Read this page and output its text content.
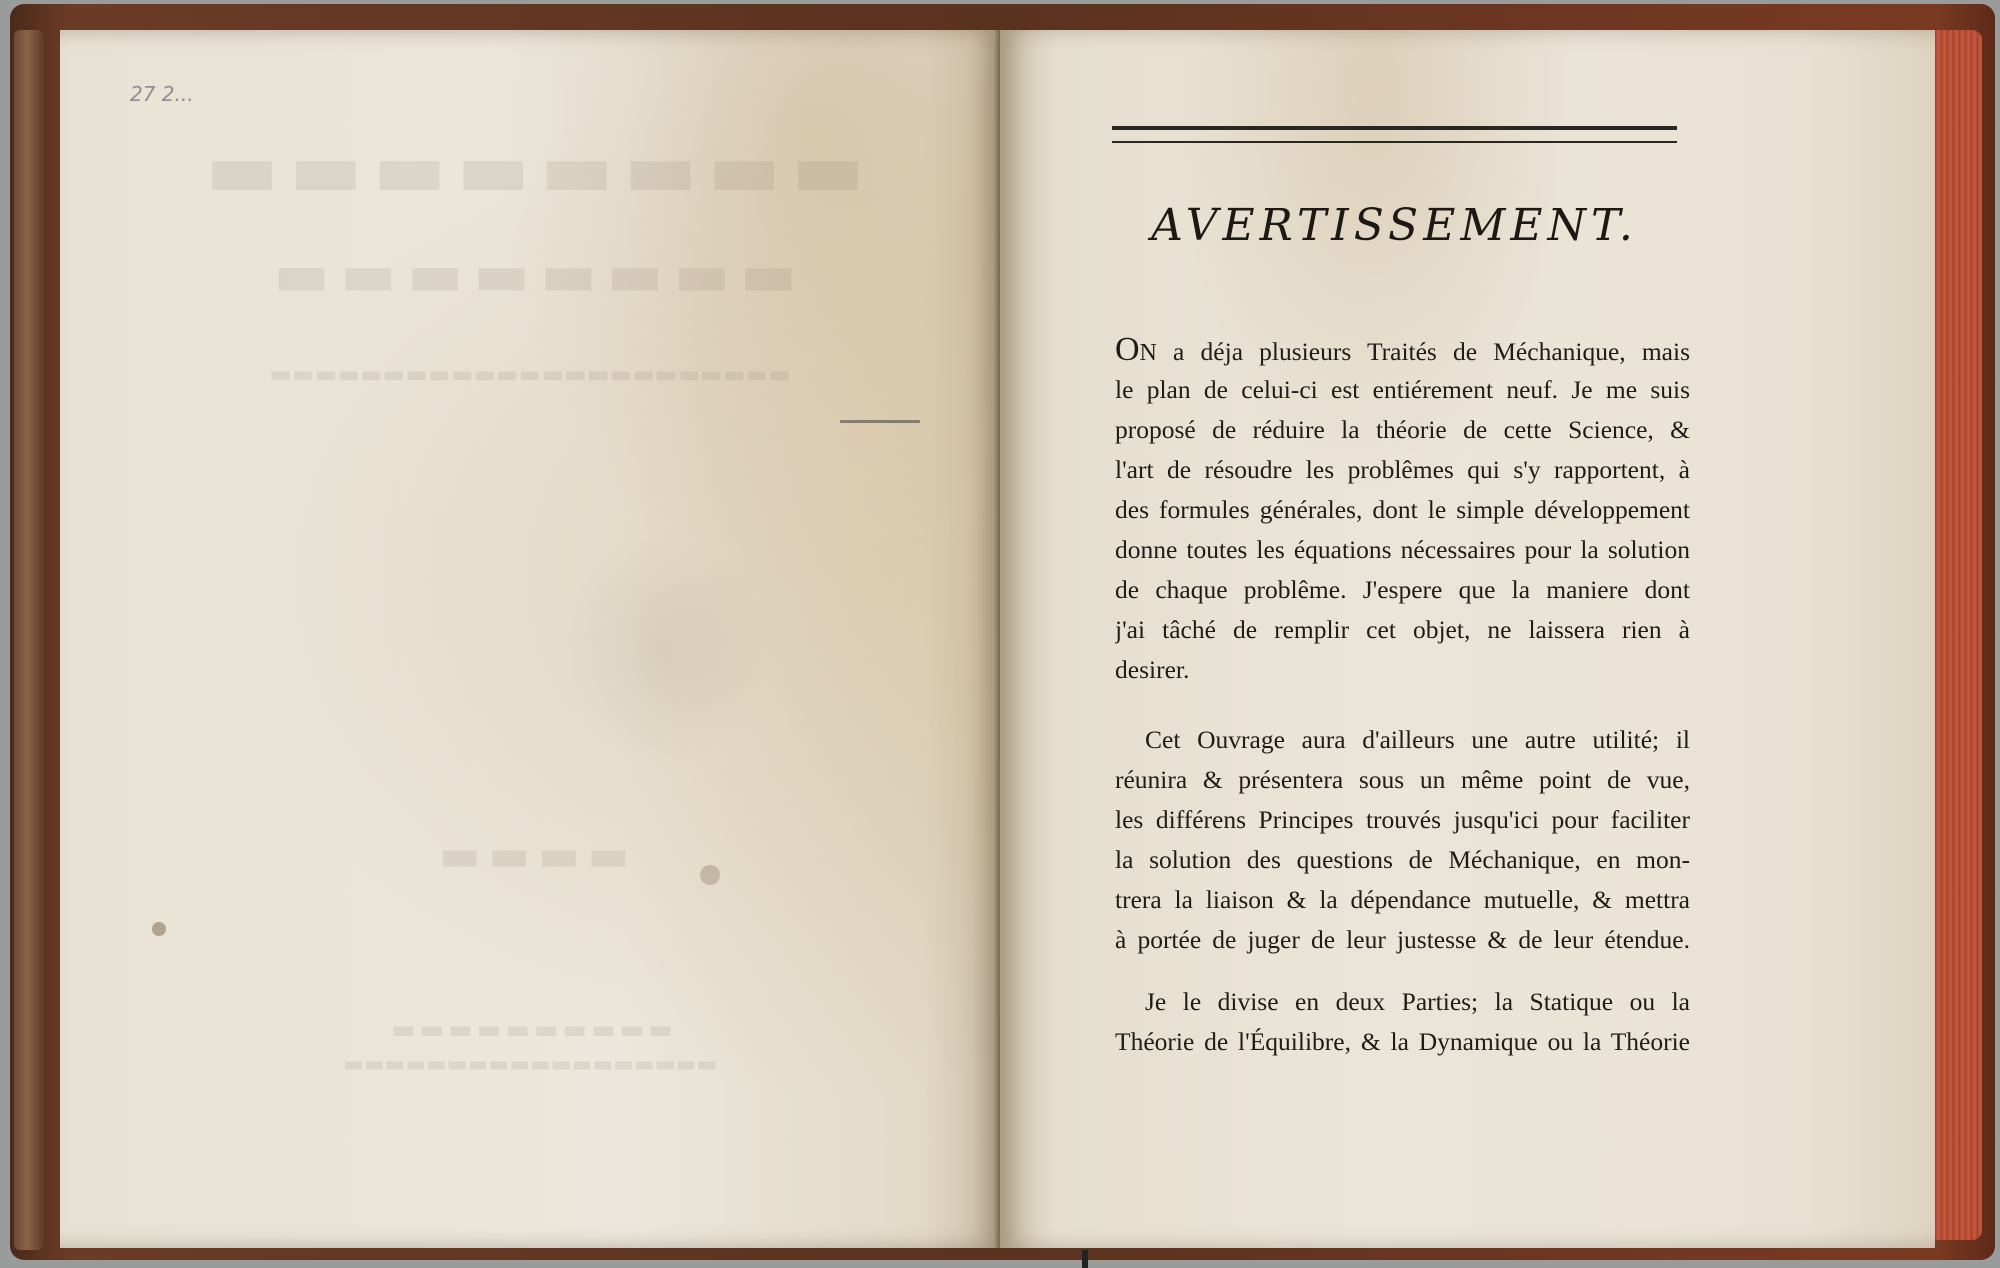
▬▬▬▬▬▬▬▬
▬▬▬▬▬▬▬▬
▬▬▬▬▬▬▬▬▬▬▬▬▬▬▬▬▬▬▬▬▬▬▬
▬▬▬▬
▬▬▬▬▬▬▬▬▬▬
▬▬▬▬▬▬▬▬▬▬▬▬▬▬▬▬▬▬
27 2...
AVERTISSEMENT.
On a déja plusieurs Traités de Méchanique, mais
le plan de celui-ci est entiérement neuf. Je me suis
proposé de réduire la théorie de cette Science, &
l'art de résoudre les problêmes qui s'y rapportent, à
des formules générales, dont le simple développement
donne toutes les équations nécessaires pour la solution
de chaque problême. J'espere que la maniere dont
j'ai tâché de remplir cet objet, ne laissera rien à
desirer.
Cet Ouvrage aura d'ailleurs une autre utilité; il
réunira & présentera sous un même point de vue,
les différens Principes trouvés jusqu'ici pour faciliter
la solution des questions de Méchanique, en mon-
trera la liaison & la dépendance mutuelle, & mettra
à portée de juger de leur justesse & de leur étendue.
Je le divise en deux Parties; la Statique ou la
Théorie de l'Équilibre, & la Dynamique ou la Théorie
